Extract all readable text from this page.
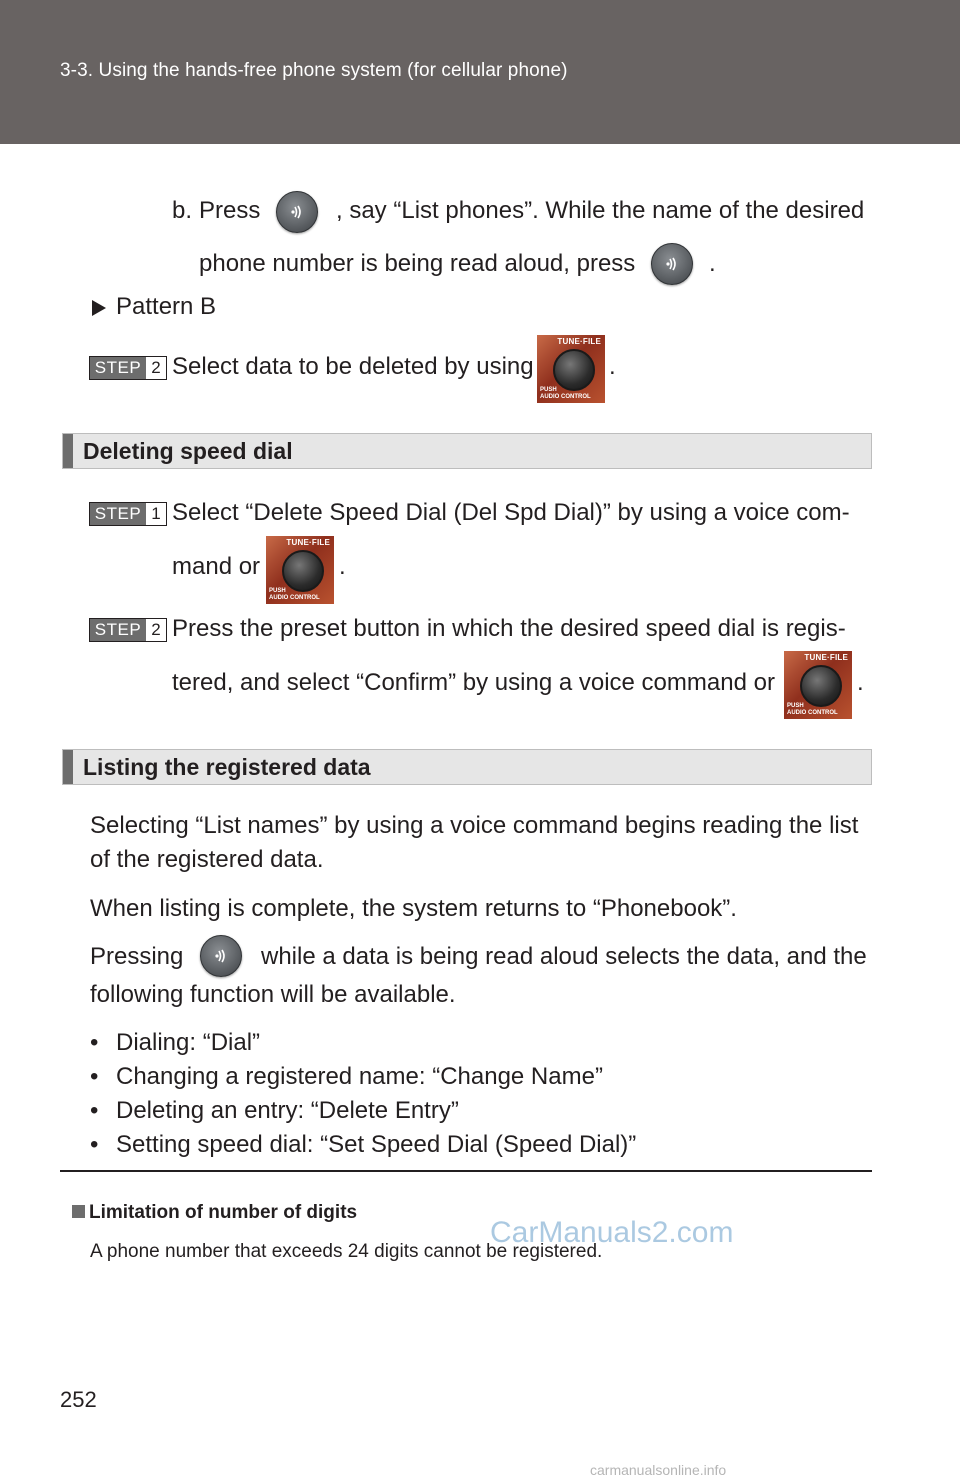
3-3. Using the hands-free phone system (for cellular phone)
b. Press	, say “List phones”. While the name of the desired
phone number is being read aloud, press	.
Pattern B
STEP 2 Select data to be deleted by using
TUNE·FILE
PUSH
AUDIO CONTROL
.
Deleting speed dial
STEP 1 Select “Delete Speed Dial (Del Spd Dial)” by using a voice com-
mand or
TUNE·FILE
PUSH
AUDIO CONTROL
.
STEP 2 Press the preset button in which the desired speed dial is regis-
tered, and select “Confirm” by using a voice command or
TUNE·FILE
PUSH
AUDIO CONTROL
.
Listing the registered data
Selecting “List names” by using a voice command begins reading the list
of the registered data.
When listing is complete, the system returns to “Phonebook”.
Pressing	while a data is being read aloud selects the data, and the
following function will be available.
• Dialing: “Dial”
• Changing a registered name: “Change Name”
• Deleting an entry: “Delete Entry”
• Setting speed dial: “Set Speed Dial (Speed Dial)”
Limitation of number of digits
A phone number that exceeds 24 digits cannot be registered.
CarManuals2.com
252
carmanualsonline.info
